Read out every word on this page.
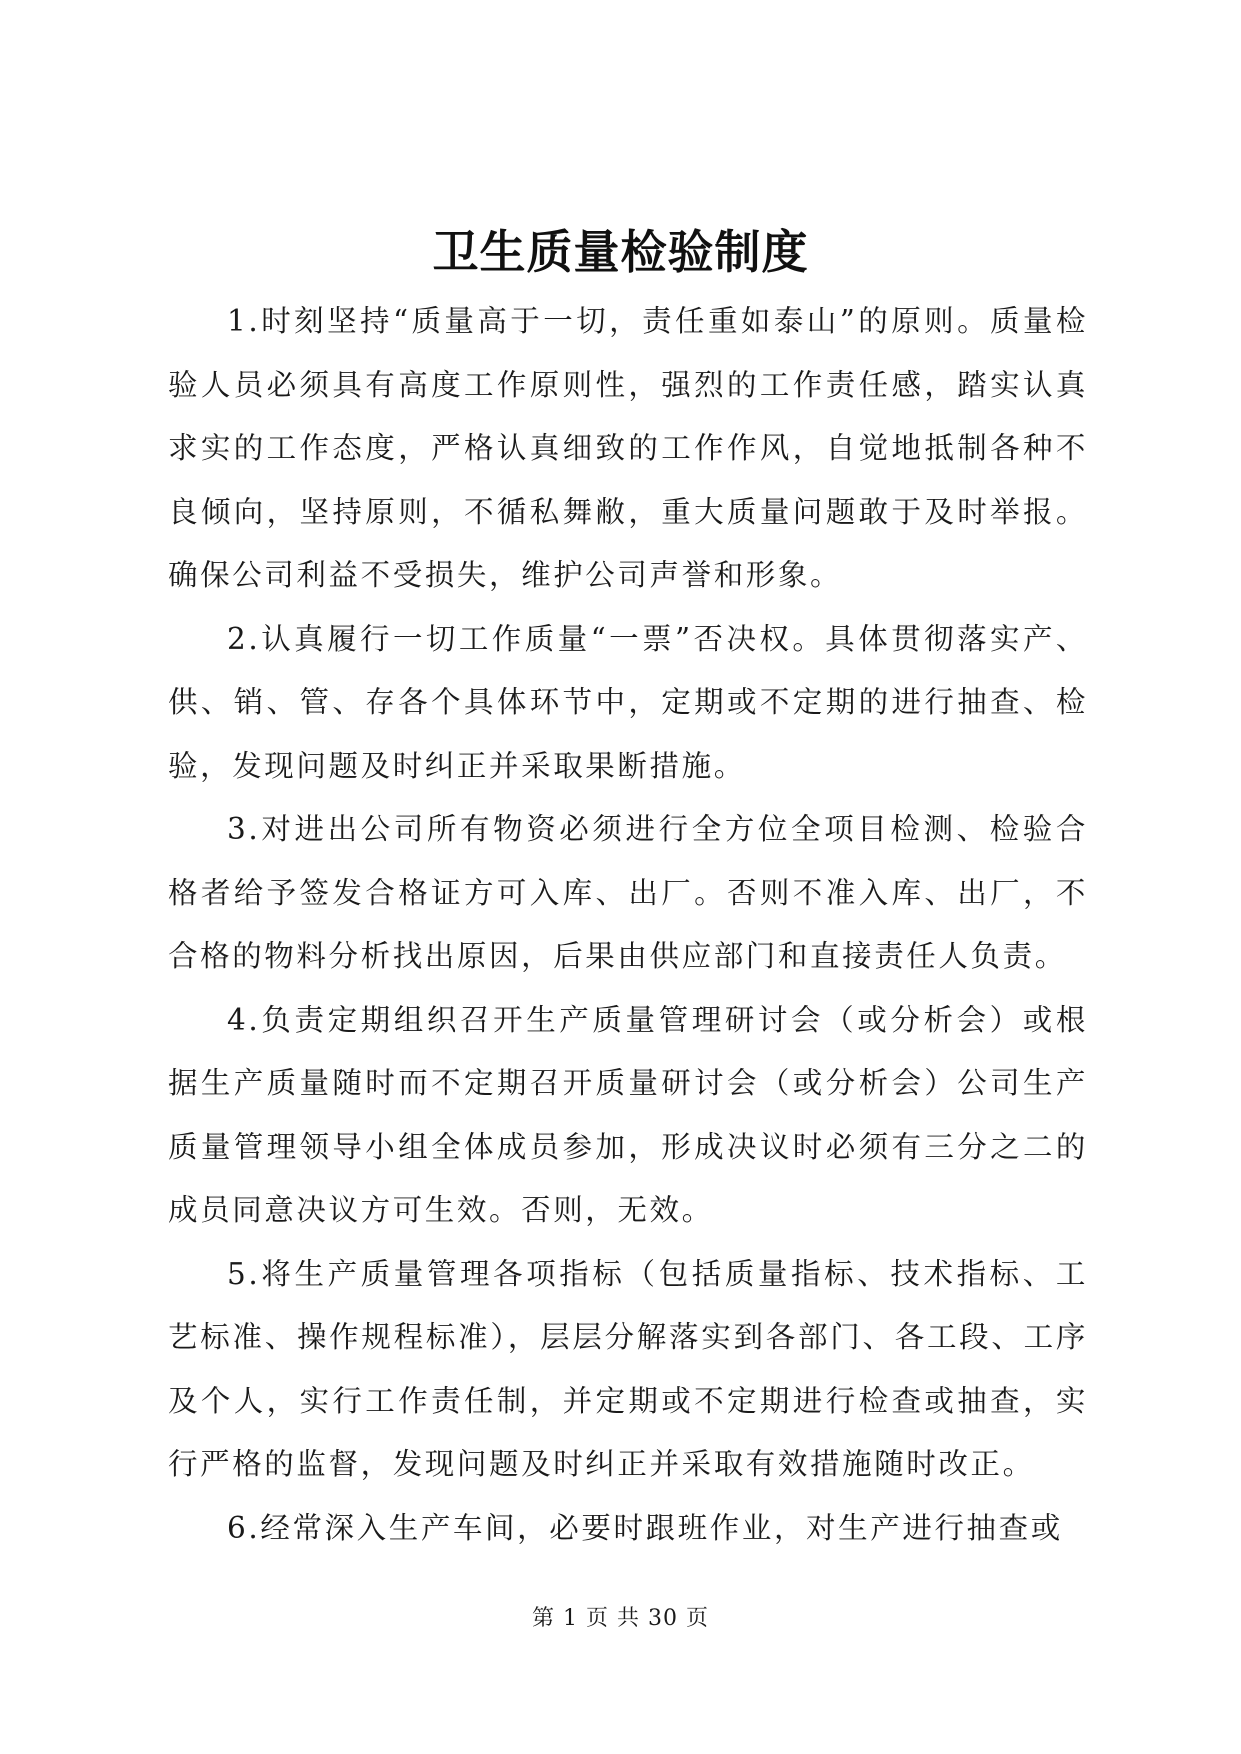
卫生质量检验制度

1.时刻坚持“质量高于一切，责任重如泰山”的原则。质量检验人员必须具有高度工作原则性，强烈的工作责任感，踏实认真求实的工作态度，严格认真细致的工作作风，自觉地抵制各种不良倾向，坚持原则，不循私舞敝，重大质量问题敢于及时举报。确保公司利益不受损失，维护公司声誉和形象。

2.认真履行一切工作质量“一票”否决权。具体贯彻落实产、供、销、管、存各个具体环节中，定期或不定期的进行抽查、检验，发现问题及时纠正并采取果断措施。

3.对进出公司所有物资必须进行全方位全项目检测、检验合格者给予签发合格证方可入库、出厂。否则不准入库、出厂，不合格的物料分析找出原因，后果由供应部门和直接责任人负责。

4.负责定期组织召开生产质量管理研讨会（或分析会）或根据生产质量随时而不定期召开质量研讨会（或分析会）公司生产质量管理领导小组全体成员参加，形成决议时必须有三分之二的成员同意决议方可生效。否则，无效。

5.将生产质量管理各项指标（包括质量指标、技术指标、工艺标准、操作规程标准），层层分解落实到各部门、各工段、工序及个人，实行工作责任制，并定期或不定期进行检查或抽查，实行严格的监督，发现问题及时纠正并采取有效措施随时改正。

6.经常深入生产车间，必要时跟班作业，对生产进行抽查或

第 1 页 共 30 页
